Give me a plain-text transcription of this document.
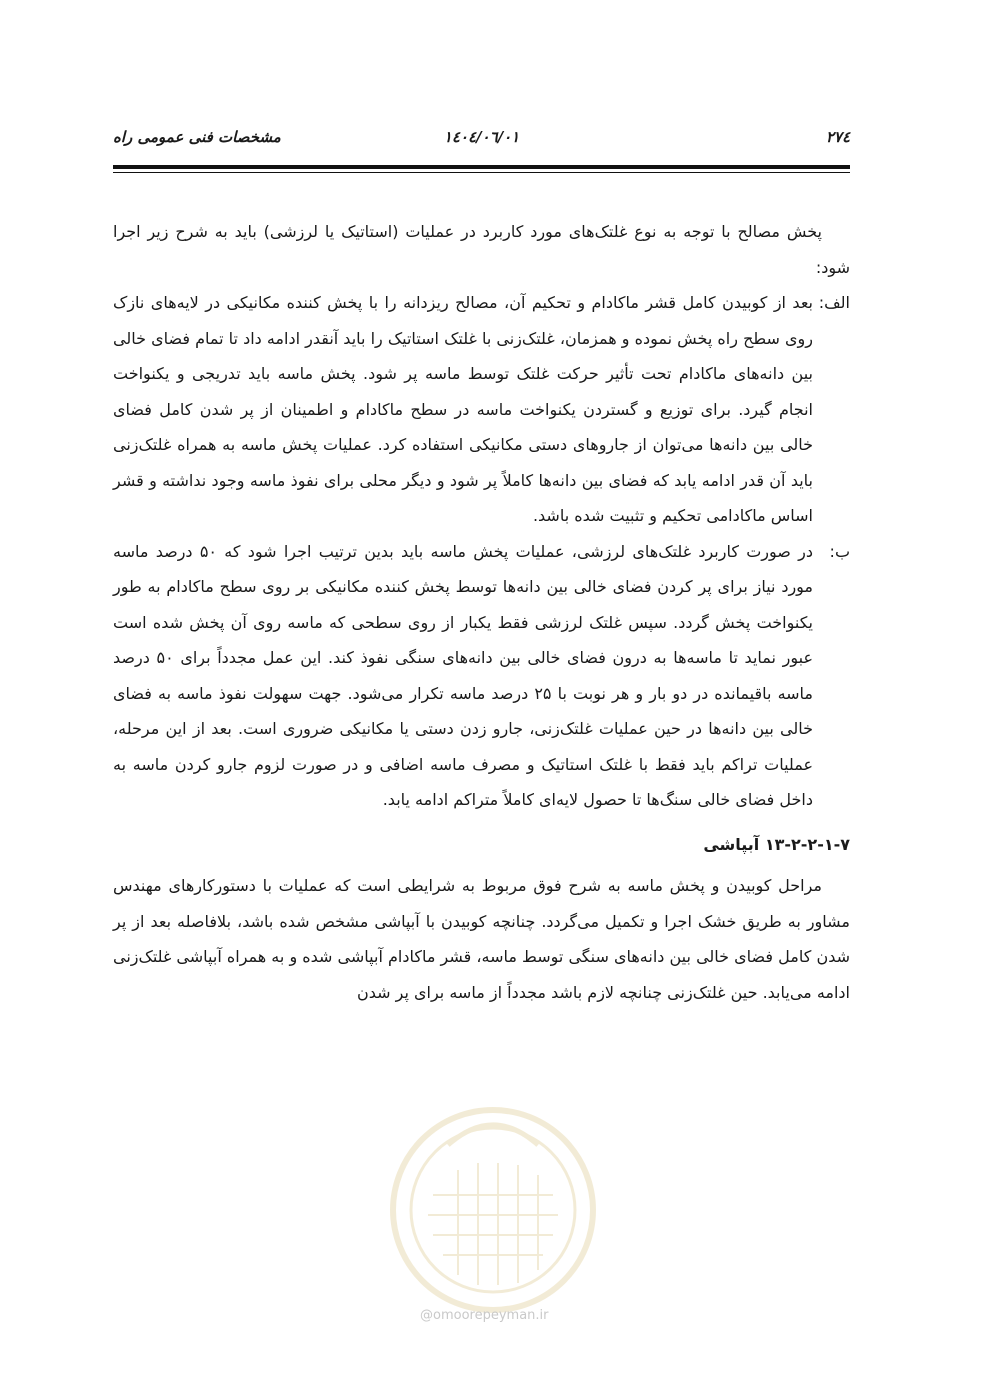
۲۷٤
۱٤۰٤/۰٦/۰۱
مشخصات فنی عمومی راه

پخش مصالح با توجه به نوع غلتک‌های مورد کاربرد در عملیات (استاتیک یا لرزشی) باید به شرح زیر اجرا شود:

الف:

بعد از کوبیدن کامل قشر ماکادام و تحکیم آن، مصالح ریزدانه را با پخش کننده مکانیکی در لایه‌های نازک روی سطح راه پخش نموده و همزمان، غلتک‌زنی با غلتک استاتیک را باید آنقدر ادامه داد تا تمام فضای خالی بین دانه‌های ماکادام تحت تأثیر حرکت غلتک توسط ماسه پر شود. پخش ماسه باید تدریجی و یکنواخت انجام گیرد. برای توزیع و گستردن یکنواخت ماسه در سطح ماکادام و اطمینان از پر شدن کامل فضای خالی بین دانه‌ها می‌توان از جاروهای دستی مکانیکی استفاده کرد. عملیات پخش ماسه به همراه غلتک‌زنی باید آن قدر ادامه یابد که فضای بین دانه‌ها کاملاً پر شود و دیگر محلی برای نفوذ ماسه وجود نداشته و قشر اساس ماکادامی تحکیم و تثبیت شده باشد.

ب:

در صورت کاربرد غلتک‌های لرزشی، عملیات پخش ماسه باید بدین ترتیب اجرا شود که ۵۰ درصد ماسه مورد نیاز برای پر کردن فضای خالی بین دانه‌ها توسط پخش کننده مکانیکی بر روی سطح ماکادام به طور یکنواخت پخش گردد. سپس غلتک لرزشی فقط یکبار از روی سطحی که ماسه روی آن پخش شده است عبور نماید تا ماسه‌ها به درون فضای خالی بین دانه‌های سنگی نفوذ کند. این عمل مجدداً برای ۵۰ درصد ماسه باقیمانده در دو بار و هر نوبت با ۲۵ درصد ماسه تکرار می‌شود. جهت سهولت نفوذ ماسه به فضای خالی بین دانه‌ها در حین عملیات غلتک‌زنی، جارو زدن دستی یا مکانیکی ضروری است. بعد از این مرحله، عملیات تراکم باید فقط با غلتک استاتیک و مصرف ماسه اضافی و در صورت لزوم جارو کردن ماسه به داخل فضای خالی سنگ‌ها تا حصول لایه‌ای کاملاً متراکم ادامه یابد.

۱۳-۲-۲-۱-۷ آبپاشی

مراحل کوبیدن و پخش ماسه به شرح فوق مربوط به شرایطی است که عملیات با دستورکارهای مهندس مشاور به طریق خشک اجرا و تکمیل می‌گردد. چنانچه کوبیدن با آبپاشی مشخص شده باشد، بلافاصله بعد از پر شدن کامل فضای خالی بین دانه‌های سنگی توسط ماسه، قشر ماکادام آبپاشی شده و به همراه آبپاشی غلتک‌زنی ادامه می‌یابد. حین غلتک‌زنی چنانچه لازم باشد مجدداً از ماسه برای پر شدن

@omoorepeyman.ir
